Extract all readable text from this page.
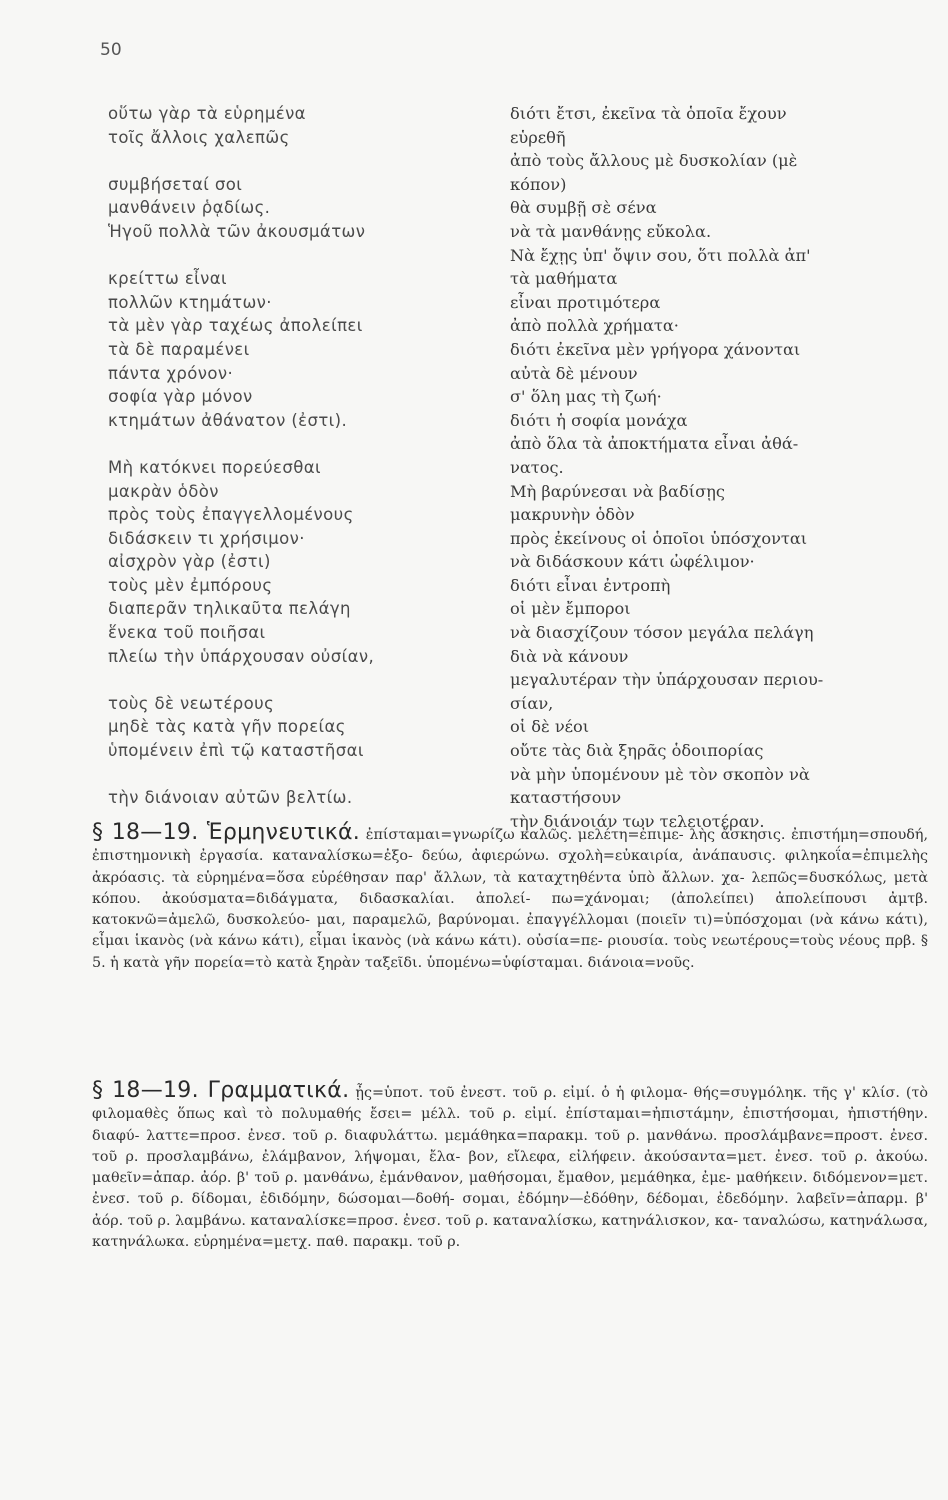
50
οὕτω γὰρ τὰ εὑρημένα
τοῖς ἄλλοις χαλεπῶς
συμβήσεταί σοι
μανθάνειν ῥᾳδίως.
Ἡγοῦ πολλὰ τῶν ἀκουσμάτων
κρείττω εἶναι
πολλῶν κτημάτων·
τὰ μὲν γὰρ ταχέως ἀπολείπει
τὰ δὲ παραμένει
πάντα χρόνον·
σοφία γὰρ μόνον
κτημάτων ἀθάνατον (ἐστι).
Μὴ κατόκνει πορεύεσθαι
μακρὰν ὁδὸν
πρὸς τοὺς ἐπαγγελλομένους
διδάσκειν τι χρήσιμον·
αἰσχρὸν γὰρ (ἐστι)
τοὺς μὲν ἐμπόρους
διαπερᾶν τηλικαῦτα πελάγη
ἕνεκα τοῦ ποιῆσαι
πλείω τὴν ὑπάρχουσαν οὐσίαν,
τοὺς δὲ νεωτέρους
μηδὲ τὰς κατὰ γῆν πορείας
ὑπομένειν ἐπὶ τῷ καταστῆσαι
τὴν διάνοιαν αὐτῶν βελτίω.
διότι ἔτσι, ἐκεῖνα τὰ ὁποῖα ἔχουν
εὑρεθῆ
ἀπὸ τοὺς ἄλλους μὲ δυσκολίαν (μὲ
κόπον)
θὰ συμβῇ σὲ σένα
νὰ τὰ μανθάνῃς εὔκολα.
Νὰ ἔχῃς ὑπ' ὄψιν σου, ὅτι πολλὰ ἀπ'
τὰ μαθήματα
εἶναι προτιμότερα
ἀπὸ πολλὰ χρήματα·
διότι ἐκεῖνα μὲν γρήγορα χάνονται
αὐτὰ δὲ μένουν
σ' ὅλη μας τὴ ζωή·
διότι ἡ σοφία μονάχα
ἀπὸ ὅλα τὰ ἀποκτήματα εἶναι ἀθά-
νατος.
Μὴ βαρύνεσαι νὰ βαδίσῃς
μακρυνὴν ὁδὸν
πρὸς ἐκείνους οἱ ὁποῖοι ὑπόσχονται
νὰ διδάσκουν κάτι ὠφέλιμον·
διότι εἶναι ἐντροπὴ
οἱ μὲν ἔμποροι
νὰ διασχίζουν τόσον μεγάλα πελάγη
διὰ νὰ κάνουν
μεγαλυτέραν τὴν ὑπάρχουσαν περιου-
σίαν,
οἱ δὲ νέοι
οὔτε τὰς διὰ ξηρᾶς ὁδοιπορίας
νὰ μὴν ὑπομένουν μὲ τὸν σκοπὸν νὰ
καταστήσουν
τὴν διάνοιάν των τελειοτέραν.
§ 18—19. Ἑρμηνευτικά. ἐπίσταμαι=γνωρίζω καλῶς. μελέτη=ἐπιμε- λὴς ἄσκησις. ἐπιστήμη=σπουδή, ἐπιστημονικὴ ἐργασία. καταναλίσκω=ἐξο- δεύω, ἀφιερώνω. σχολὴ=εὐκαιρία, ἀνάπαυσις. φιληκοΐα=ἐπιμελὴς ἀκρόασις. τὰ εὑρημένα=ὅσα εὑρέθησαν παρ' ἄλλων, τὰ καταχτηθέντα ὑπὸ ἄλλων. χα- λεπῶς=δυσκόλως, μετὰ κόπου. ἀκούσματα=διδάγματα, διδασκαλίαι. ἀπολεί- πω=χάνομαι; (ἀπολείπει) ἀπολείπουσι ἀμτβ. κατοκνῶ=ἀμελῶ, δυσκολεύο- μαι, παραμελῶ, βαρύνομαι. ἐπαγγέλλομαι (ποιεῖν τι)=ὑπόσχομαι (νὰ κάνω κάτι), εἶμαι ἱκανὸς (νὰ κάνω κάτι), εἶμαι ἱκανὸς (νὰ κάνω κάτι). οὐσία=πε- ριουσία. τοὺς νεωτέρους=τοὺς νέους πρβ. § 5. ἡ κατὰ γῆν πορεία=τὸ κατὰ ξηρὰν ταξεῖδι. ὑπομένω=ὑφίσταμαι. διάνοια=νοῦς.
§ 18—19. Γραμματικά. ᾖς=ὑποτ. τοῦ ἐνεστ. τοῦ ρ. εἰμί. ὁ ἡ φιλομα- θής=συγμόληκ. τῆς γ' κλίσ. (τὸ φιλομαθὲς ὅπως καὶ τὸ πολυμαθής ἔσει= μέλλ. τοῦ ρ. εἰμί. ἐπίσταμαι=ἠπιστάμην, ἐπιστήσομαι, ἠπιστήθην. διαφύ- λαττε=προσ. ἐνεσ. τοῦ ρ. διαφυλάττω. μεμάθηκα=παρακμ. τοῦ ρ. μανθάνω. προσλάμβανε=προστ. ἐνεσ. τοῦ ρ. προσλαμβάνω, ἐλάμβανον, λήψομαι, ἔλα- βον, εἴλεφα, εἰλήφειν. ἀκούσαντα=μετ. ἐνεσ. τοῦ ρ. ἀκούω. μαθεῖν=ἀπαρ. ἀόρ. β' τοῦ ρ. μανθάνω, ἐμάνθανον, μαθήσομαι, ἔμαθον, μεμάθηκα, ἐμε- μαθήκειν. διδόμενον=μετ. ἐνεσ. τοῦ ρ. δίδομαι, ἐδιδόμην, δώσομαι—δοθή- σομαι, ἐδόμην—ἐδόθην, δέδομαι, ἐδεδόμην. λαβεῖν=ἀπαρμ. β' ἀόρ. τοῦ ρ. λαμβάνω. καταναλίσκε=προσ. ἐνεσ. τοῦ ρ. καταναλίσκω, κατηνάλισκον, κα- ταναλώσω, κατηνάλωσα, κατηνάλωκα. εὑρημένα=μετχ. παθ. παρακμ. τοῦ ρ.
